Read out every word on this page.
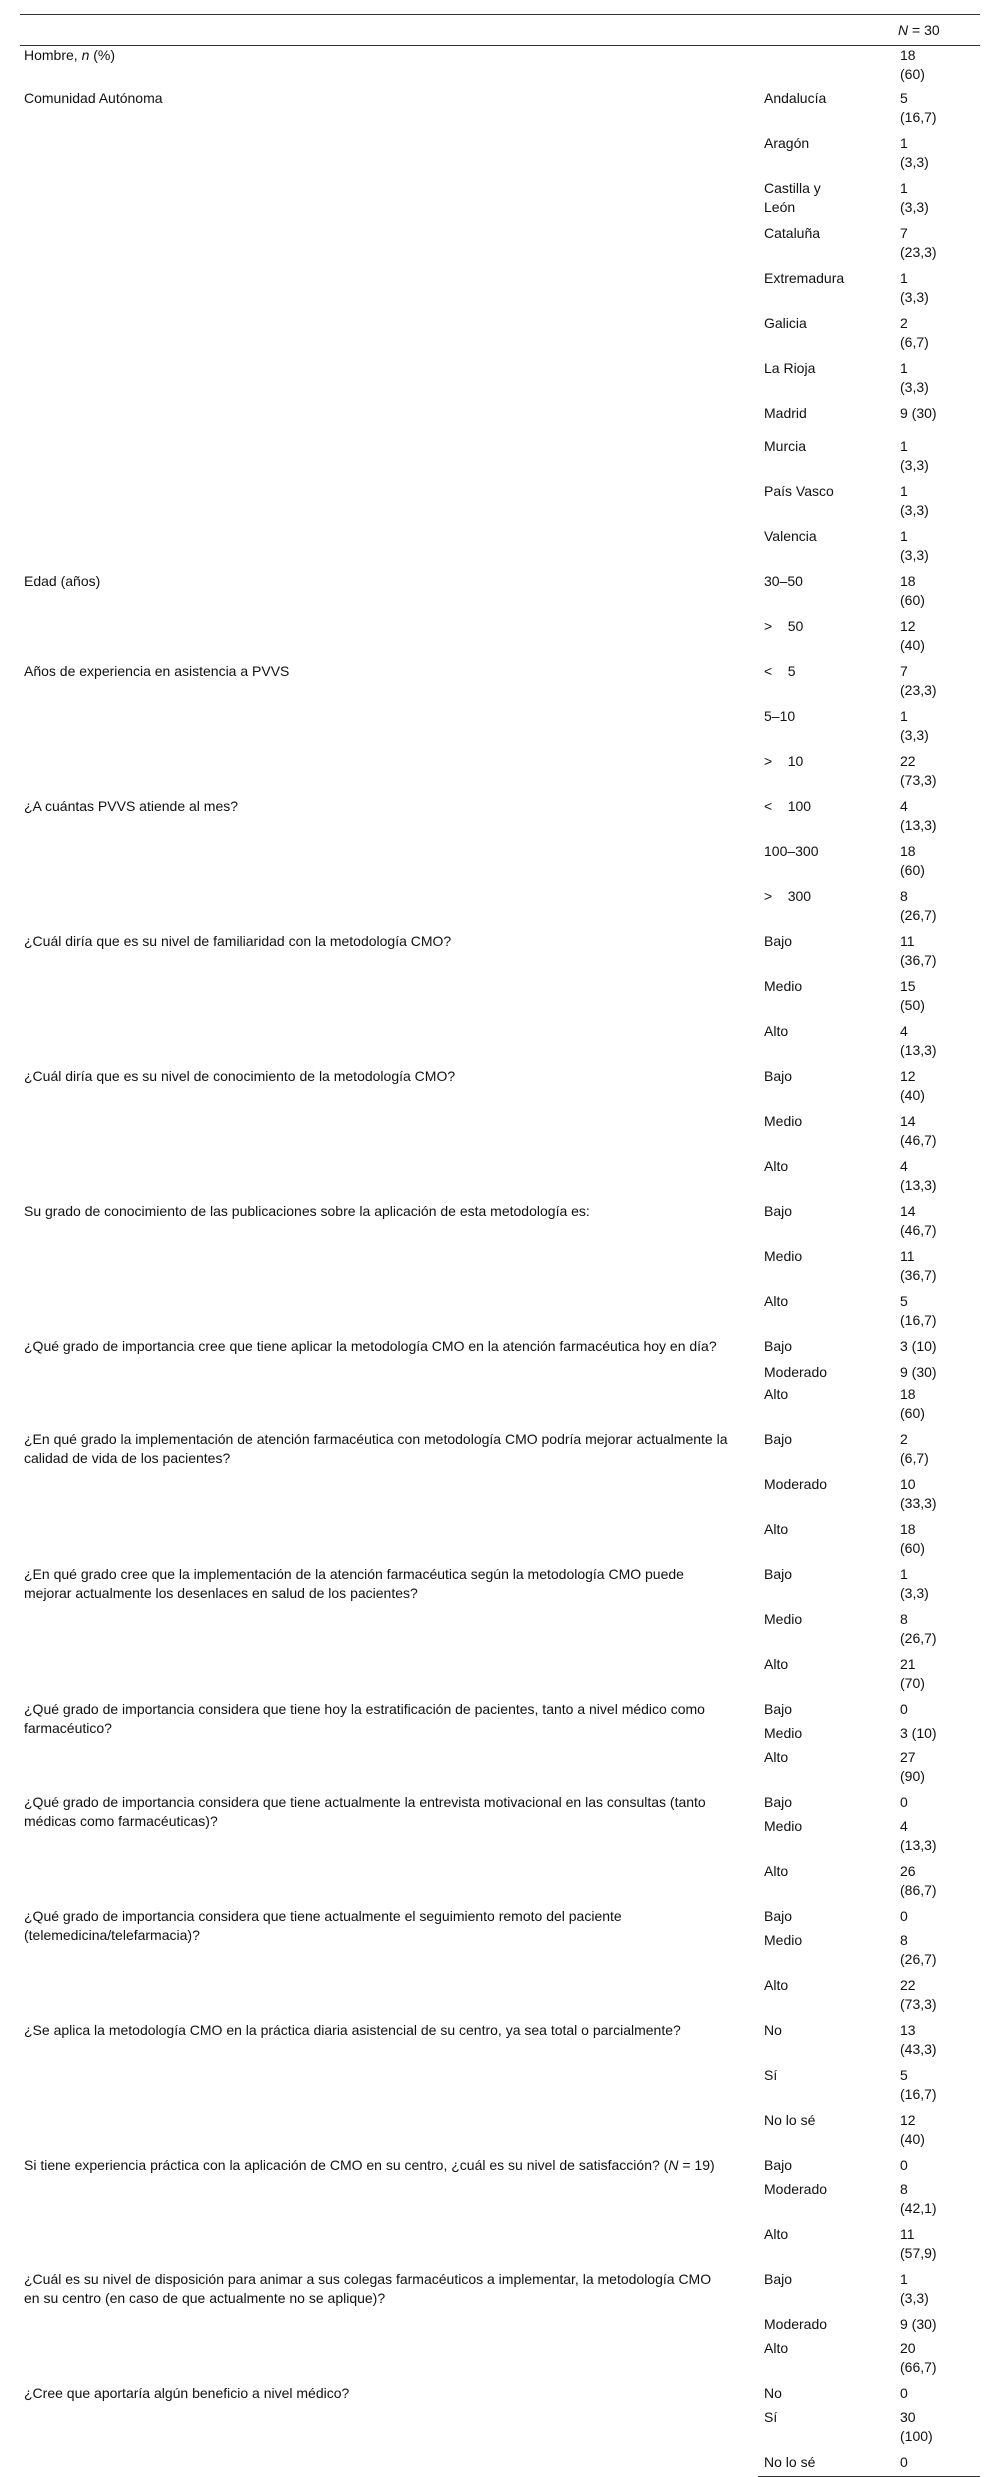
		N = 30
Hombre, n (%)		18
(60)
Comunidad Autónoma	Andalucía	5
(16,7)
	Aragón	1
(3,3)
	Castilla y
León	1
(3,3)
	Cataluña	7
(23,3)
	Extremadura	1
(3,3)
	Galicia	2
(6,7)
	La Rioja	1
(3,3)
	Madrid	9 (30)
	Murcia	1
(3,3)
	País Vasco	1
(3,3)
	Valencia	1
(3,3)
Edad (años)	30–50	18
(60)
	>    50	12
(40)
Años de experiencia en asistencia a PVVS	<    5	7
(23,3)
	5–10	1
(3,3)
	>    10	22
(73,3)
¿A cuántas PVVS atiende al mes?	<    100	4
(13,3)
	100–300	18
(60)
	>    300	8
(26,7)
¿Cuál diría que es su nivel de familiaridad con la metodología CMO?	Bajo	11
(36,7)
	Medio	15
(50)
	Alto	4
(13,3)
¿Cuál diría que es su nivel de conocimiento de la metodología CMO?	Bajo	12
(40)
	Medio	14
(46,7)
	Alto	4
(13,3)
Su grado de conocimiento de las publicaciones sobre la aplicación de esta metodología es:	Bajo	14
(46,7)
	Medio	11
(36,7)
	Alto	5
(16,7)
¿Qué grado de importancia cree que tiene aplicar la metodología CMO en la atención farmacéutica hoy en día?	Bajo	3 (10)
	Moderado	9 (30)
	Alto	18
(60)
¿En qué grado la implementación de atención farmacéutica con metodología CMO podría mejorar actualmente la calidad de vida de los pacientes?	Bajo	2
(6,7)
	Moderado	10
(33,3)
	Alto	18
(60)
¿En qué grado cree que la implementación de la atención farmacéutica según la metodología CMO puede mejorar actualmente los desenlaces en salud de los pacientes?	Bajo	1
(3,3)
	Medio	8
(26,7)
	Alto	21
(70)
¿Qué grado de importancia considera que tiene hoy la estratificación de pacientes, tanto a nivel médico como farmacéutico?	Bajo	0
	Medio	3 (10)
	Alto	27
(90)
¿Qué grado de importancia considera que tiene actualmente la entrevista motivacional en las consultas (tanto médicas como farmacéuticas)?	Bajo	0
	Medio	4
(13,3)
	Alto	26
(86,7)
¿Qué grado de importancia considera que tiene actualmente el seguimiento remoto del paciente (telemedicina/telefarmacia)?	Bajo	0
	Medio	8
(26,7)
	Alto	22
(73,3)
¿Se aplica la metodología CMO en la práctica diaria asistencial de su centro, ya sea total o parcialmente?	No	13
(43,3)
	Sí	5
(16,7)
	No lo sé	12
(40)
Si tiene experiencia práctica con la aplicación de CMO en su centro, ¿cuál es su nivel de satisfacción? (N = 19)	Bajo	0
	Moderado	8
(42,1)
	Alto	11
(57,9)
¿Cuál es su nivel de disposición para animar a sus colegas farmacéuticos a implementar, la metodología CMO en su centro (en caso de que actualmente no se aplique)?	Bajo	1
(3,3)
	Moderado	9 (30)
	Alto	20
(66,7)
¿Cree que aportaría algún beneficio a nivel médico?	No	0
	Sí	30
(100)
	No lo sé	0
